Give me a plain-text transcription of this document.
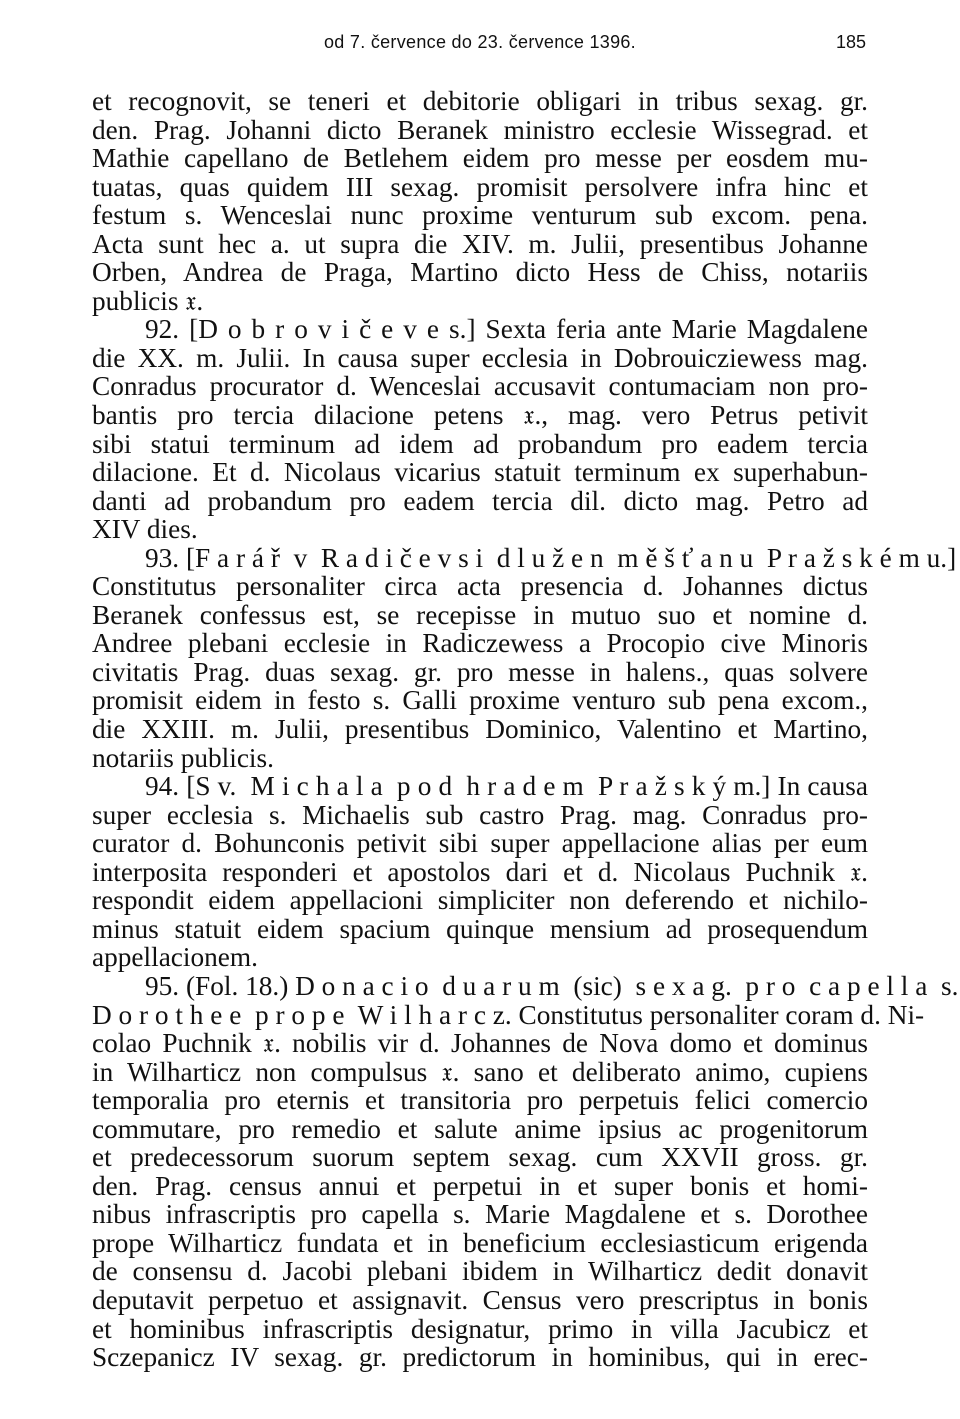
od 7. července do 23. července 1396.	185
et recognovit, se teneri et debitorie obligari in tribus sexag. gr.
den. Prag. Johanni dicto Beranek ministro ecclesie Wissegrad. et
Mathie capellano de Betlehem eidem pro messe per eosdem mu-
tuatas, quas quidem III sexag. promisit persolvere infra hinc et
festum s. Wenceslai nunc proxime venturum sub excom. pena.
Acta sunt hec a. ut supra die XIV. m. Julii, presentibus Johanne
Orben, Andrea de Praga, Martino dicto Hess de Chiss, notariis
publicis 𝔵.
92. [D o b r o v i č e v e s.] Sexta feria ante Marie Magdalene
die XX. m. Julii. In causa super ecclesia in Dobrouicziewess mag.
Conradus procurator d. Wenceslai accusavit contumaciam non pro-
bantis pro tercia dilacione petens 𝔵., mag. vero Petrus petivit
sibi statui terminum ad idem ad probandum pro eadem tercia
dilacione. Et d. Nicolaus vicarius statuit terminum ex superhabun-
danti ad probandum pro eadem tercia dil. dicto mag. Petro ad
XIV dies.
93. [F a r á ř  v  R a d i č e v s i  d l u ž e n  m ě š ť a n u  P r a ž s k é m u.]
Constitutus personaliter circa acta presencia d. Johannes dictus
Beranek confessus est, se recepisse in mutuo suo et nomine d.
Andree plebani ecclesie in Radiczewess a Procopio cive Minoris
civitatis Prag. duas sexag. gr. pro messe in halens., quas solvere
promisit eidem in festo s. Galli proxime venturo sub pena excom.,
die XXIII. m. Julii, presentibus Dominico, Valentino et Martino,
notariis publicis.
94. [S v.  M i c h a l a  p o d  h r a d e m  P r a ž s k ý m.] In causa
super ecclesia s. Michaelis sub castro Prag. mag. Conradus pro-
curator d. Bohunconis petivit sibi super appellacione alias per eum
interposita responderi et apostolos dari et d. Nicolaus Puchnik 𝔵.
respondit eidem appellacioni simpliciter non deferendo et nichilo-
minus statuit eidem spacium quinque mensium ad prosequendum
appellacionem.
95. (Fol. 18.) D o n a c i o  d u a r u m  (sic)  s e x a g.  p r o  c a p e l l a  s.
D o r o t h e e  p r o p e  W i l h a r c z. Constitutus personaliter coram d. Ni-
colao Puchnik 𝔵. nobilis vir d. Johannes de Nova domo et dominus
in Wilharticz non compulsus 𝔵. sano et deliberato animo, cupiens
temporalia pro eternis et transitoria pro perpetuis felici comercio
commutare, pro remedio et salute anime ipsius ac progenitorum
et predecessorum suorum septem sexag. cum XXVII gross. gr.
den. Prag. census annui et perpetui in et super bonis et homi-
nibus infrascriptis pro capella s. Marie Magdalene et s. Dorothee
prope Wilharticz fundata et in beneficium ecclesiasticum erigenda
de consensu d. Jacobi plebani ibidem in Wilharticz dedit donavit
deputavit perpetuo et assignavit. Census vero prescriptus in bonis
et hominibus infrascriptis designatur, primo in villa Jacubicz et
Sczepanicz IV sexag. gr. predictorum in hominibus, qui in erec-
